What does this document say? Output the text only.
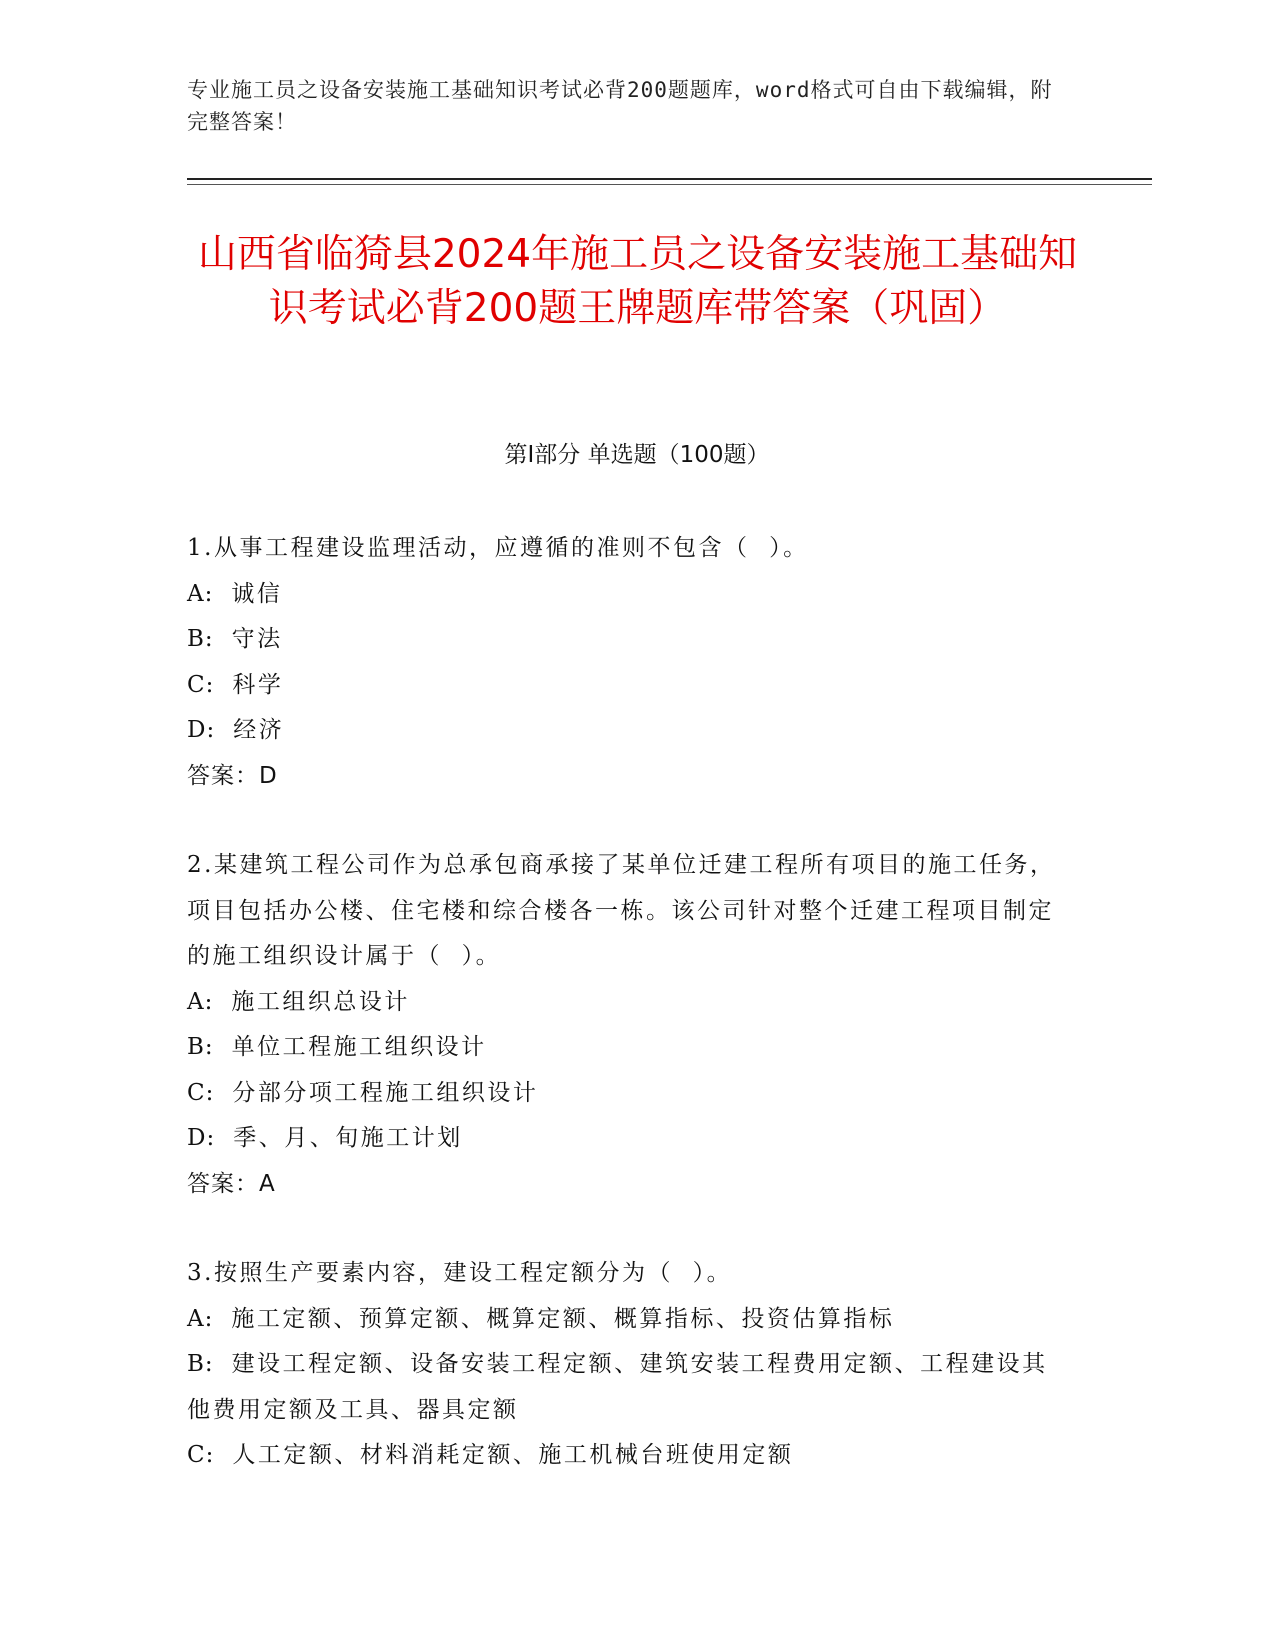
专业施工员之设备安装施工基础知识考试必背200题题库，word格式可自由下载编辑，附完整答案！
山西省临猗县2024年施工员之设备安装施工基础知识考试必背200题王牌题库带答案（巩固）
第Ⅰ部分 单选题（100题）
1.从事工程建设监理活动，应遵循的准则不包含（  ）。
A: 诚信
B: 守法
C: 科学
D: 经济
答案：D
2.某建筑工程公司作为总承包商承接了某单位迁建工程所有项目的施工任务，项目包括办公楼、住宅楼和综合楼各一栋。该公司针对整个迁建工程项目制定的施工组织设计属于（  ）。
A: 施工组织总设计
B: 单位工程施工组织设计
C: 分部分项工程施工组织设计
D: 季、月、旬施工计划
答案：A
3.按照生产要素内容，建设工程定额分为（  ）。
A: 施工定额、预算定额、概算定额、概算指标、投资估算指标
B: 建设工程定额、设备安装工程定额、建筑安装工程费用定额、工程建设其他费用定额及工具、器具定额
C: 人工定额、材料消耗定额、施工机械台班使用定额
